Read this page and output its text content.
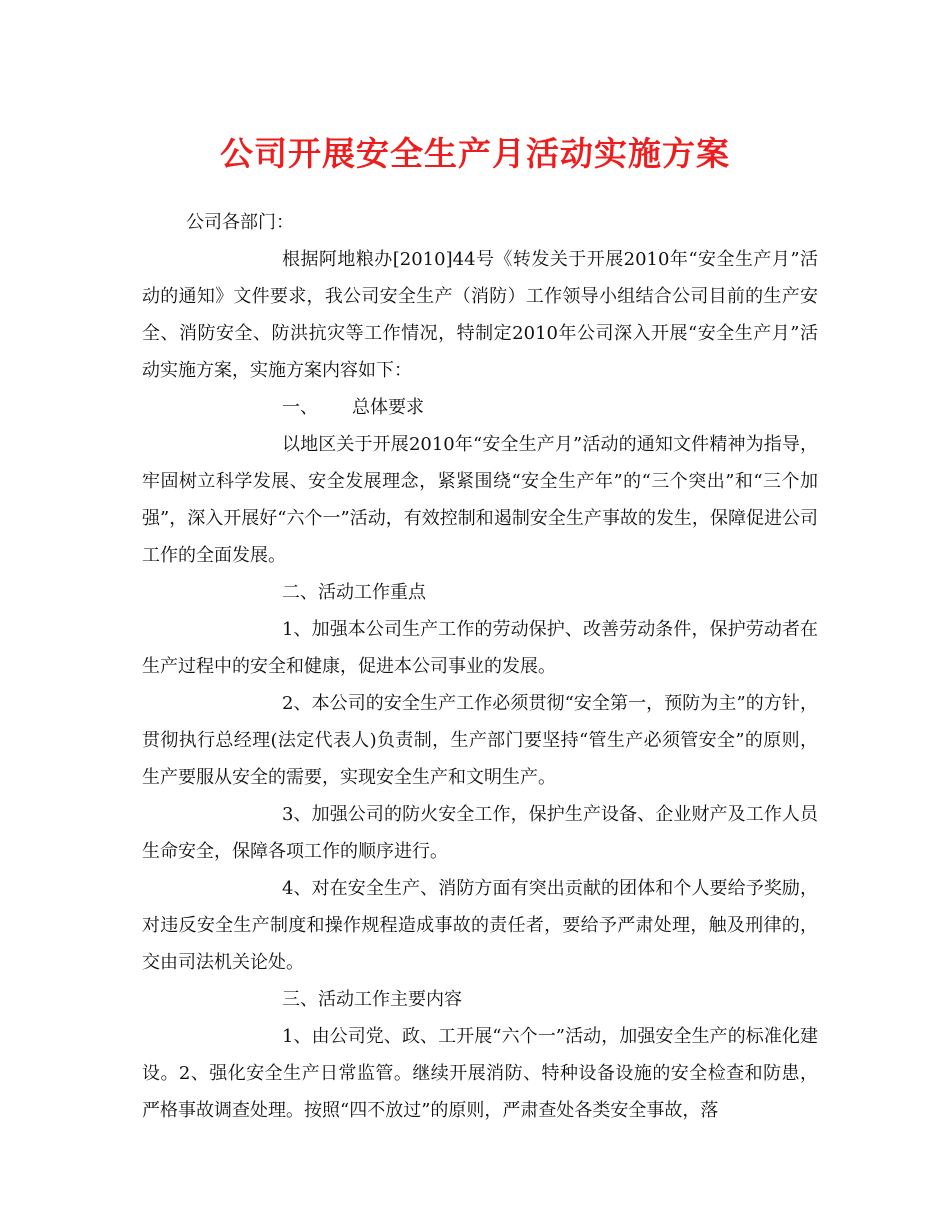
公司开展安全生产月活动实施方案

公司各部门：

根据阿地粮办[2010]44号《转发关于开展2010年“安全生产月”活动的通知》文件要求，我公司安全生产（消防）工作领导小组结合公司目前的生产安全、消防安全、防洪抗灾等工作情况，特制定2010年公司深入开展“安全生产月”活动实施方案，实施方案内容如下：

一、 总体要求

以地区关于开展2010年“安全生产月”活动的通知文件精神为指导，牢固树立科学发展、安全发展理念，紧紧围绕“安全生产年”的“三个突出”和“三个加强”，深入开展好“六个一”活动，有效控制和遏制安全生产事故的发生，保障促进公司工作的全面发展。

二、活动工作重点

1、加强本公司生产工作的劳动保护、改善劳动条件，保护劳动者在生产过程中的安全和健康，促进本公司事业的发展。

2、本公司的安全生产工作必须贯彻“安全第一，预防为主”的方针，贯彻执行总经理(法定代表人)负责制，生产部门要坚持“管生产必须管安全”的原则，生产要服从安全的需要，实现安全生产和文明生产。

3、加强公司的防火安全工作，保护生产设备、企业财产及工作人员生命安全，保障各项工作的顺序进行。

4、对在安全生产、消防方面有突出贡献的团体和个人要给予奖励，对违反安全生产制度和操作规程造成事故的责任者，要给予严肃处理，触及刑律的，交由司法机关论处。

三、活动工作主要内容

1、由公司党、政、工开展“六个一”活动，加强安全生产的标准化建设。2、强化安全生产日常监管。继续开展消防、特种设备设施的安全检查和防患，严格事故调查处理。按照“四不放过”的原则，严肃查处各类安全事故，落
